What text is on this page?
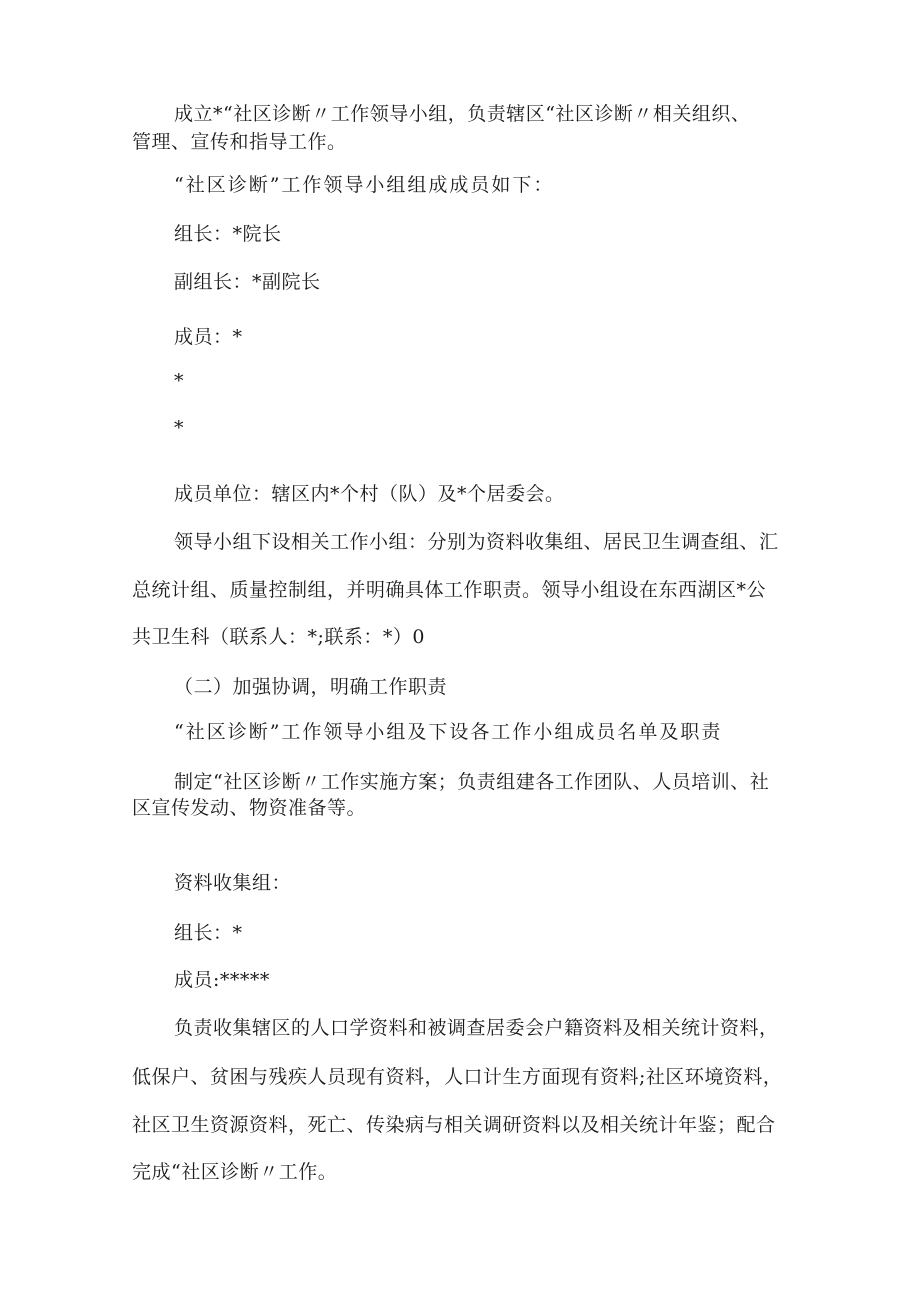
成立*“社区诊断〃工作领导小组，负责辖区“社区诊断〃相关组织、
管理、宣传和指导工作。
“社区诊断”工作领导小组组成成员如下：
组长：*院长
副组长：*副院长
成员：*
*
*
成员单位：辖区内*个村（队）及*个居委会。
领导小组下设相关工作小组：分别为资料收集组、居民卫生调查组、汇
总统计组、质量控制组，并明确具体工作职责。领导小组设在东西湖区*公
共卫生科（联系人：*;联系：*）0
（二）加强协调，明确工作职责
“社区诊断”工作领导小组及下设各工作小组成员名单及职责
制定“社区诊断〃工作实施方案；负责组建各工作团队、人员培训、社
区宣传发动、物资准备等。
资料收集组：
组长：*
成员:*****
负责收集辖区的人口学资料和被调查居委会户籍资料及相关统计资料，
低保户、贫困与残疾人员现有资料，人口计生方面现有资料;社区环境资料，
社区卫生资源资料，死亡、传染病与相关调研资料以及相关统计年鉴；配合
完成“社区诊断〃工作。
